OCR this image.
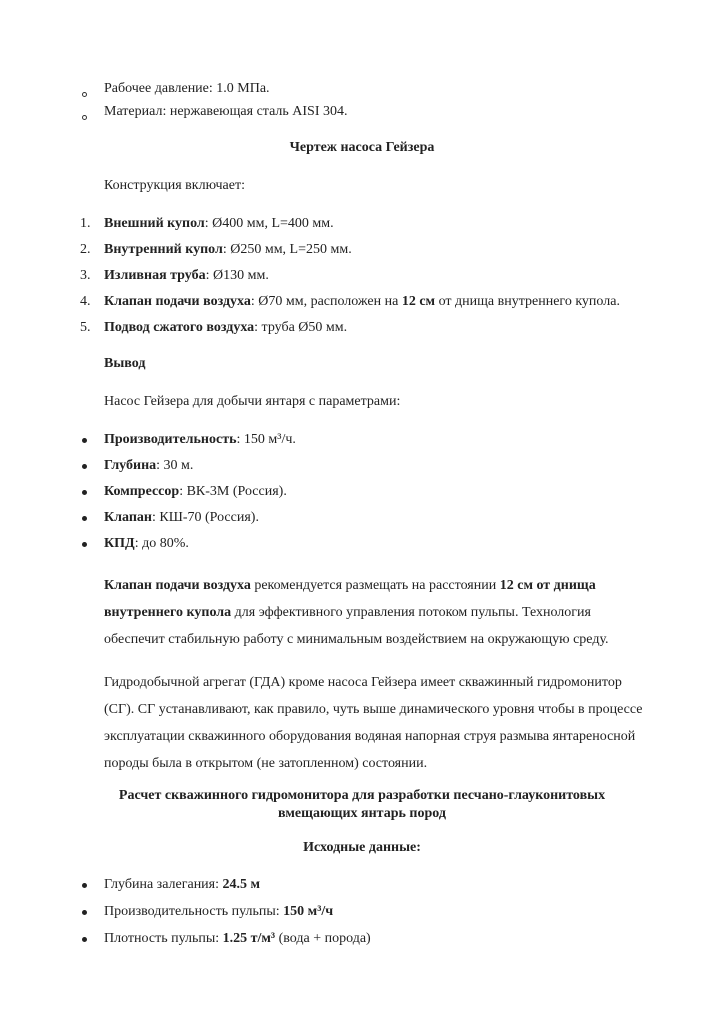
Рабочее давление: 1.0 МПа.
Материал: нержавеющая сталь AISI 304.
Чертеж насоса Гейзера
Конструкция включает:
1. Внешний купол: Ø400 мм, L=400 мм.
2. Внутренний купол: Ø250 мм, L=250 мм.
3. Изливная труба: Ø130 мм.
4. Клапан подачи воздуха: Ø70 мм, расположен на 12 см от днища внутреннего купола.
5. Подвод сжатого воздуха: труба Ø50 мм.
Вывод
Насос Гейзера для добычи янтаря с параметрами:
Производительность: 150 м³/ч.
Глубина: 30 м.
Компрессор: ВК-3М (Россия).
Клапан: КШ-70 (Россия).
КПД: до 80%.
Клапан подачи воздуха рекомендуется размещать на расстоянии 12 см от днища
внутреннего купола для эффективного управления потоком пульпы. Технология
обеспечит стабильную работу с минимальным воздействием на окружающую среду.
Гидродобычной агрегат (ГДА) кроме насоса Гейзера имеет скважинный гидромонитор
(СГ). СГ устанавливают, как правило, чуть выше динамического уровня чтобы в процессе
эксплуатации скважинного оборудования водяная напорная струя размыва янтареносной
породы была в открытом (не затопленном) состоянии.
Расчет скважинного гидромонитора для разработки песчано-глауконитовых
вмещающих янтарь пород
Исходные данные:
Глубина залегания: 24.5 м
Производительность пульпы: 150 м³/ч
Плотность пульпы: 1.25 т/м³ (вода + порода)
